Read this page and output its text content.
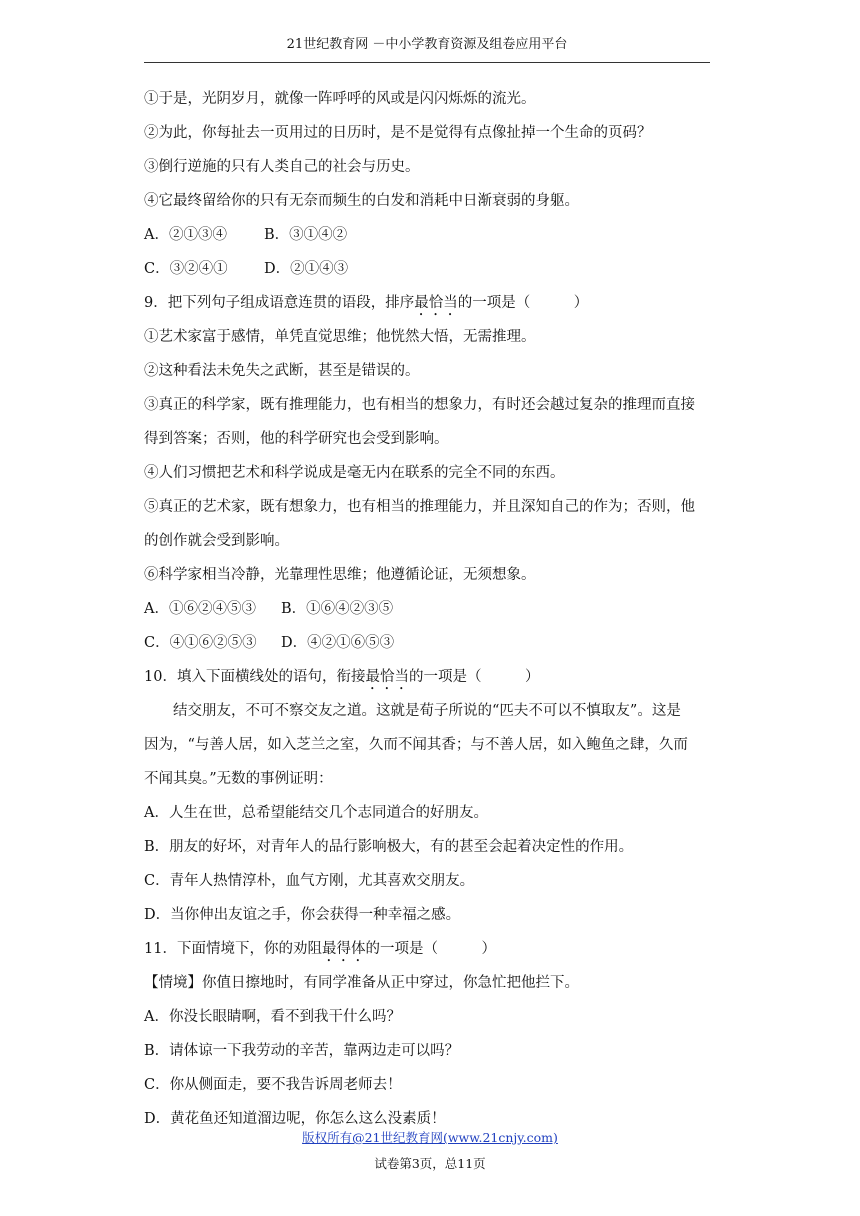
21世纪教育网 －中小学教育资源及组卷应用平台
①于是，光阴岁月，就像一阵呼呼的风或是闪闪烁烁的流光。
②为此，你每扯去一页用过的日历时，是不是觉得有点像扯掉一个生命的页码？
③倒行逆施的只有人类自己的社会与历史。
④它最终留给你的只有无奈而频生的白发和消耗中日渐衰弱的身躯。
A．②①③④	B．③①④②
C．③②④①	D．②①④③
9．把下列句子组成语意连贯的语段，排序最恰当的一项是（　　　）
①艺术家富于感情，单凭直觉思维；他恍然大悟，无需推理。
②这种看法未免失之武断，甚至是错误的。
③真正的科学家，既有推理能力，也有相当的想象力，有时还会越过复杂的推理而直接
得到答案；否则，他的科学研究也会受到影响。
④人们习惯把艺术和科学说成是毫无内在联系的完全不同的东西。
⑤真正的艺术家，既有想象力，也有相当的推理能力，并且深知自己的作为；否则，他
的创作就会受到影响。
⑥科学家相当冷静，光靠理性思维；他遵循论证，无须想象。
A．①⑥②④⑤③ B．①⑥④②③⑤
C．④①⑥②⑤③ D．④②①⑥⑤③
10．填入下面横线处的语句，衔接最恰当的一项是（　　　）
结交朋友，不可不察交友之道。这就是荀子所说的“匹夫不可以不慎取友”。这是
因为，“与善人居，如入芝兰之室，久而不闻其香；与不善人居，如入鲍鱼之肆，久而
不闻其臭。”无数的事例证明：
A．人生在世，总希望能结交几个志同道合的好朋友。
B．朋友的好坏，对青年人的品行影响极大，有的甚至会起着决定性的作用。
C．青年人热情淳朴，血气方刚，尤其喜欢交朋友。
D．当你伸出友谊之手，你会获得一种幸福之感。
11．下面情境下，你的劝阻最得体的一项是（　　　）
【情境】你值日擦地时，有同学准备从正中穿过，你急忙把他拦下。
A．你没长眼睛啊，看不到我干什么吗？
B．请体谅一下我劳动的辛苦，靠两边走可以吗？
C．你从侧面走，要不我告诉周老师去！
D．黄花鱼还知道溜边呢，你怎么这么没素质！
版权所有@21世纪教育网(www.21cnjy.com)
试卷第3页，总11页
